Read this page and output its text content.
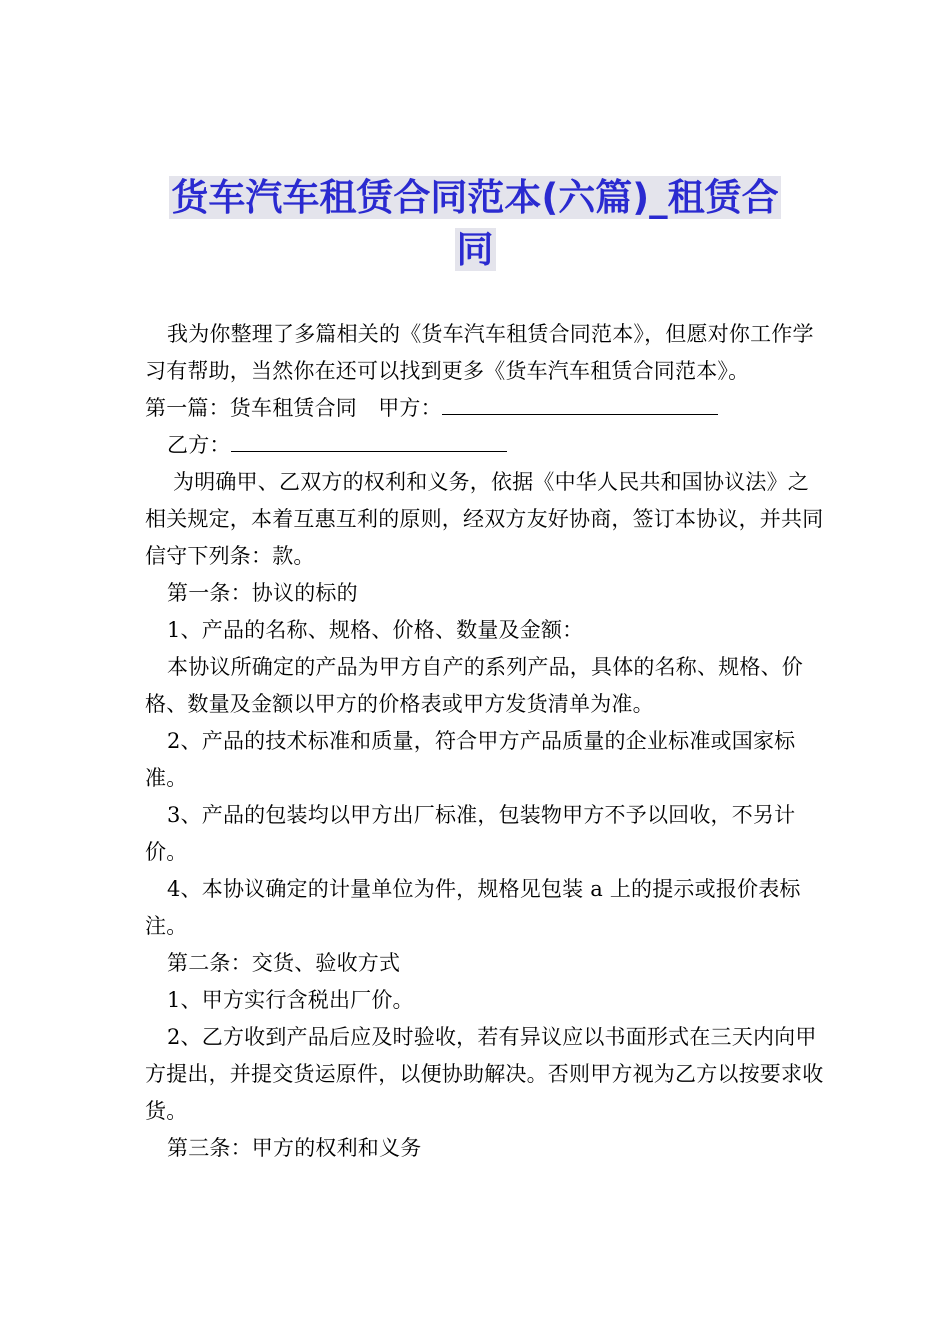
货车汽车租赁合同范本(六篇)_租赁合
同

我为你整理了多篇相关的《货车汽车租赁合同范本》，但愿对你工作学习有帮助，当然你在还可以找到更多《货车汽车租赁合同范本》。

第一篇：货车租赁合同　甲方：

乙方：

为明确甲、乙双方的权利和义务，依据《中华人民共和国协议法》之相关规定，本着互惠互利的原则，经双方友好协商，签订本协议，并共同信守下列条：款。

第一条：协议的标的

1、产品的名称、规格、价格、数量及金额：

本协议所确定的产品为甲方自产的系列产品，具体的名称、规格、价格、数量及金额以甲方的价格表或甲方发货清单为准。

2、产品的技术标准和质量，符合甲方产品质量的企业标准或国家标准。

3、产品的包装均以甲方出厂标准，包装物甲方不予以回收，不另计价。

4、本协议确定的计量单位为件，规格见包装 a 上的提示或报价表标注。

第二条：交货、验收方式

1、甲方实行含税出厂价。

2、乙方收到产品后应及时验收，若有异议应以书面形式在三天内向甲方提出，并提交货运原件，以便协助解决。否则甲方视为乙方以按要求收货。

第三条：甲方的权利和义务
